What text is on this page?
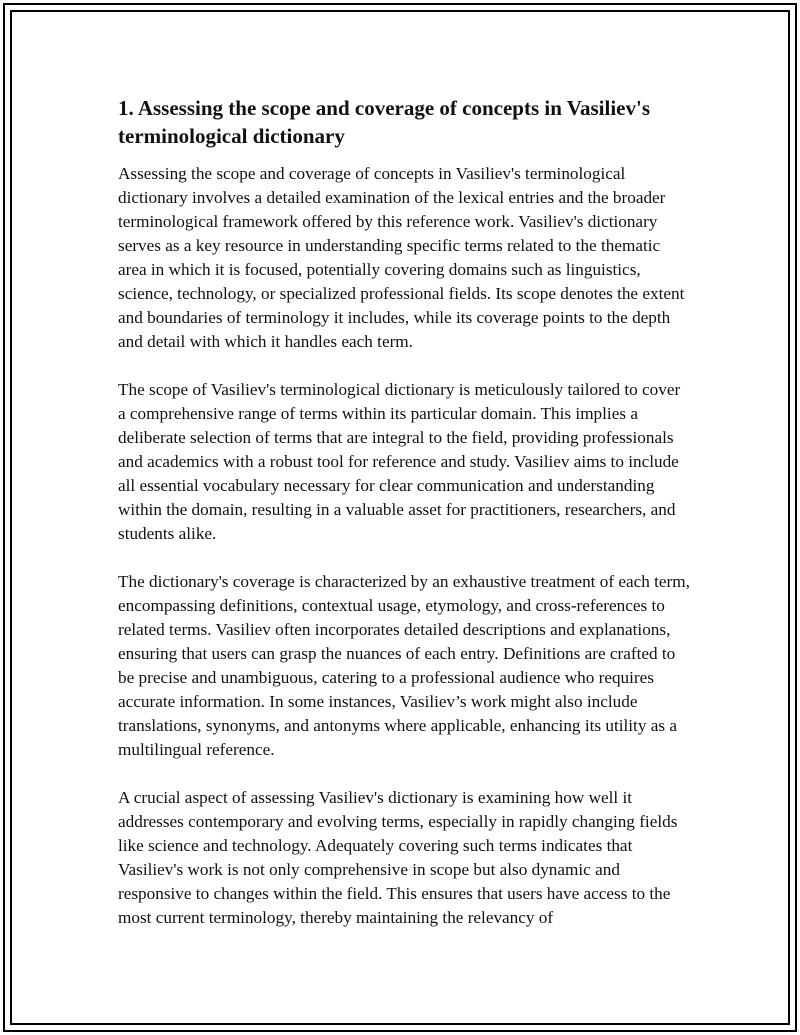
1. Assessing the scope and coverage of concepts in Vasiliev's terminological dictionary

Assessing the scope and coverage of concepts in Vasiliev's terminological dictionary involves a detailed examination of the lexical entries and the broader terminological framework offered by this reference work. Vasiliev's dictionary serves as a key resource in understanding specific terms related to the thematic area in which it is focused, potentially covering domains such as linguistics, science, technology, or specialized professional fields. Its scope denotes the extent and boundaries of terminology it includes, while its coverage points to the depth and detail with which it handles each term.

The scope of Vasiliev's terminological dictionary is meticulously tailored to cover a comprehensive range of terms within its particular domain. This implies a deliberate selection of terms that are integral to the field, providing professionals and academics with a robust tool for reference and study. Vasiliev aims to include all essential vocabulary necessary for clear communication and understanding within the domain, resulting in a valuable asset for practitioners, researchers, and students alike.

The dictionary's coverage is characterized by an exhaustive treatment of each term, encompassing definitions, contextual usage, etymology, and cross-references to related terms. Vasiliev often incorporates detailed descriptions and explanations, ensuring that users can grasp the nuances of each entry. Definitions are crafted to be precise and unambiguous, catering to a professional audience who requires accurate information. In some instances, Vasiliev’s work might also include translations, synonyms, and antonyms where applicable, enhancing its utility as a multilingual reference.

A crucial aspect of assessing Vasiliev's dictionary is examining how well it addresses contemporary and evolving terms, especially in rapidly changing fields like science and technology. Adequately covering such terms indicates that Vasiliev's work is not only comprehensive in scope but also dynamic and responsive to changes within the field. This ensures that users have access to the most current terminology, thereby maintaining the relevancy of
